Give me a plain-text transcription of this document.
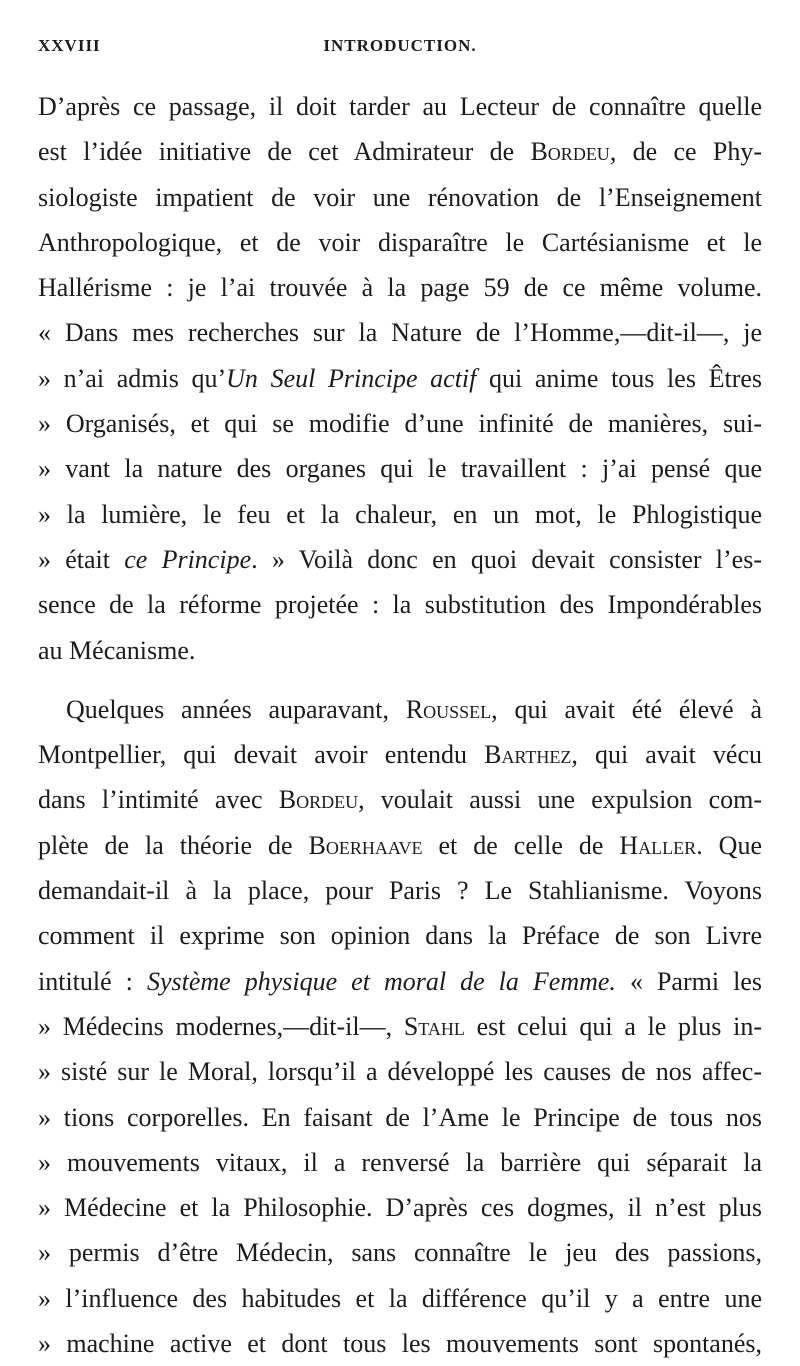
XXVIII	INTRODUCTION.
D’après ce passage, il doit tarder au Lecteur de connaître quelle
est l’idée initiative de cet Admirateur de Bordeu, de ce Phy-
siologiste impatient de voir une rénovation de l’Enseignement
Anthropologique, et de voir disparaître le Cartésianisme et le
Hallérisme : je l’ai trouvée à la page 59 de ce même volume.
« Dans mes recherches sur la Nature de l’Homme,—dit-il—, je
» n’ai admis qu’Un Seul Principe actif qui anime tous les Êtres
» Organisés, et qui se modifie d’une infinité de manières, sui-
» vant la nature des organes qui le travaillent : j’ai pensé que
» la lumière, le feu et la chaleur, en un mot, le Phlogistique
» était ce Principe. » Voilà donc en quoi devait consister l’es-
sence de la réforme projetée : la substitution des Impondérables
au Mécanisme.
Quelques années auparavant, Roussel, qui avait été élevé à
Montpellier, qui devait avoir entendu Barthez, qui avait vécu
dans l’intimité avec Bordeu, voulait aussi une expulsion com-
plète de la théorie de Boerhaave et de celle de Haller. Que
demandait-il à la place, pour Paris ? Le Stahlianisme. Voyons
comment il exprime son opinion dans la Préface de son Livre
intitulé : Système physique et moral de la Femme. « Parmi les
» Médecins modernes,—dit-il—, Stahl est celui qui a le plus in-
» sisté sur le Moral, lorsqu’il a développé les causes de nos affec-
» tions corporelles. En faisant de l’Ame le Principe de tous nos
» mouvements vitaux, il a renversé la barrière qui séparait la
» Médecine et la Philosophie. D’après ces dogmes, il n’est plus
» permis d’être Médecin, sans connaître le jeu des passions,
» l’influence des habitudes et la différence qu’il y a entre une
» machine active et dont tous les mouvements sont spontanés,
